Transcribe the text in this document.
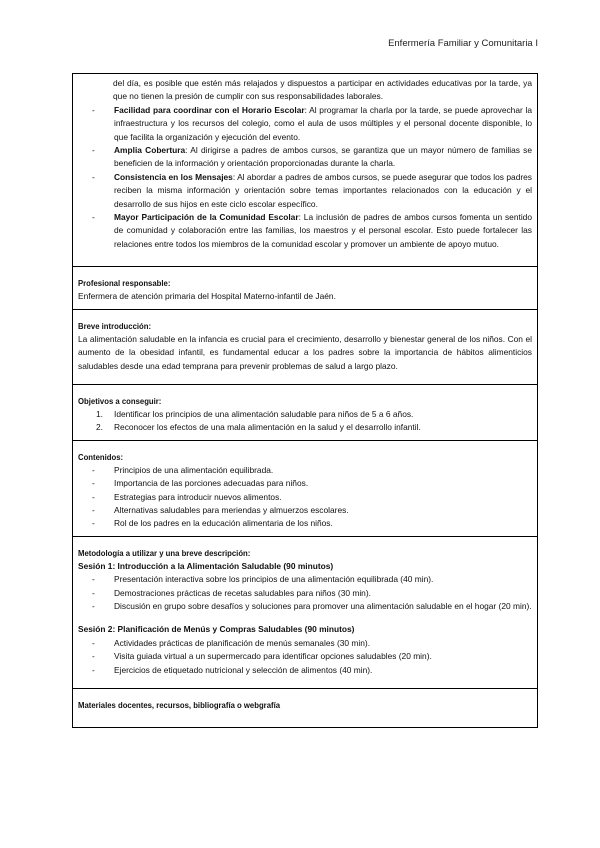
Enfermería Familiar y Comunitaria I

del día, es posible que estén más relajados y dispuestos a participar en actividades educativas por la tarde, ya que no tienen la presión de cumplir con sus responsabilidades laborales.

- Facilidad para coordinar con el Horario Escolar: Al programar la charla por la tarde, se puede aprovechar la infraestructura y los recursos del colegio, como el aula de usos múltiples y el personal docente disponible, lo que facilita la organización y ejecución del evento.
- Amplia Cobertura: Al dirigirse a padres de ambos cursos, se garantiza que un mayor número de familias se beneficien de la información y orientación proporcionadas durante la charla.
- Consistencia en los Mensajes: Al abordar a padres de ambos cursos, se puede asegurar que todos los padres reciben la misma información y orientación sobre temas importantes relacionados con la educación y el desarrollo de sus hijos en este ciclo escolar específico.
- Mayor Participación de la Comunidad Escolar: La inclusión de padres de ambos cursos fomenta un sentido de comunidad y colaboración entre las familias, los maestros y el personal escolar. Esto puede fortalecer las relaciones entre todos los miembros de la comunidad escolar y promover un ambiente de apoyo mutuo.
Profesional responsable:

Enfermera de atención primaria del Hospital Materno-infantil de Jaén.

Breve introducción:

La alimentación saludable en la infancia es crucial para el crecimiento, desarrollo y bienestar general de los niños. Con el aumento de la obesidad infantil, es fundamental educar a los padres sobre la importancia de hábitos alimenticios saludables desde una edad temprana para prevenir problemas de salud a largo plazo.

Objetivos a conseguir:
1. Identificar los principios de una alimentación saludable para niños de 5 a 6 años.
2. Reconocer los efectos de una mala alimentación en la salud y el desarrollo infantil.
Contenidos:
- Principios de una alimentación equilibrada.
- Importancia de las porciones adecuadas para niños.
- Estrategias para introducir nuevos alimentos.
- Alternativas saludables para meriendas y almuerzos escolares.
- Rol de los padres en la educación alimentaria de los niños.
Metodología a utilizar y una breve descripción:
Sesión 1: Introducción a la Alimentación Saludable (90 minutos)
- Presentación interactiva sobre los principios de una alimentación equilibrada (40 min).
- Demostraciones prácticas de recetas saludables para niños (30 min).
- Discusión en grupo sobre desafíos y soluciones para promover una alimentación saludable en el hogar (20 min).
Sesión 2: Planificación de Menús y Compras Saludables (90 minutos)
- Actividades prácticas de planificación de menús semanales (30 min).
- Visita guiada virtual a un supermercado para identificar opciones saludables (20 min).
- Ejercicios de etiquetado nutricional y selección de alimentos (40 min).
Materiales docentes, recursos, bibliografía o webgrafía
